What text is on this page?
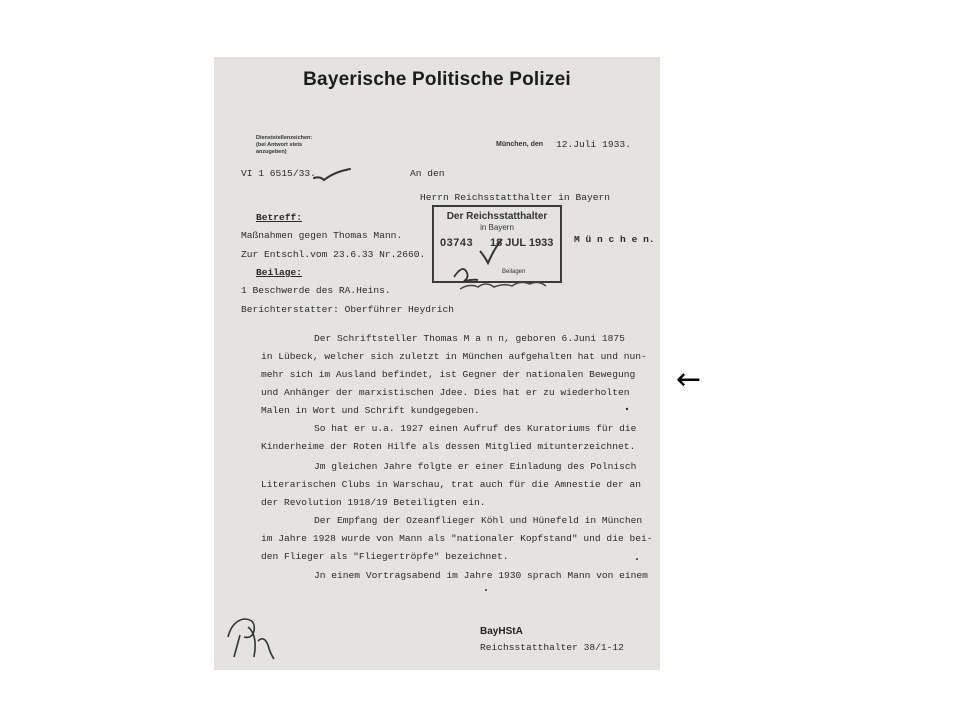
Bayerische Politische Polizei
Dienststellenzeichen:
(bei Antwort stets
anzugeben)
München, den 12.Juli 1933.
VI 1 6515/33.	An den
Herrn Reichsstatthalter in Bayern
Betreff:
Maßnahmen gegen Thomas Mann.
Zur Entschl.vom 23.6.33 Nr.2660.
M ü n c h e n.
Beilage:
1 Beschwerde des RA.Heins.
Berichterstatter: Oberführer Heydrich
Der Reichsstatthalter
in Bayern
03743 18 JUL 1933
Beilagen
Der Schriftsteller Thomas M a n n, geboren 6.Juni 1875
in Lübeck, welcher sich zuletzt in München aufgehalten hat und nun-
mehr sich im Ausland befindet, ist Gegner der nationalen Bewegung
und Anhänger der marxistischen Jdee. Dies hat er zu wiederholten
Malen in Wort und Schrift kundgegeben.
So hat er u.a. 1927 einen Aufruf des Kuratoriums für die
Kinderheime der Roten Hilfe als dessen Mitglied mitunterzeichnet.
Jm gleichen Jahre folgte er einer Einladung des Polnisch
Literarischen Clubs in Warschau, trat auch für die Amnestie der an
der Revolution 1918/19 Beteiligten ein.
Der Empfang der Ozeanflieger Köhl und Hünefeld in München
im Jahre 1928 wurde von Mann als "nationaler Kopfstand" und die bei-
den Flieger als "Fliegertröpfe" bezeichnet.
Jn einem Vortragsabend im Jahre 1930 sprach Mann von einem
BayHStA
Reichsstatthalter 38/1-12
←
